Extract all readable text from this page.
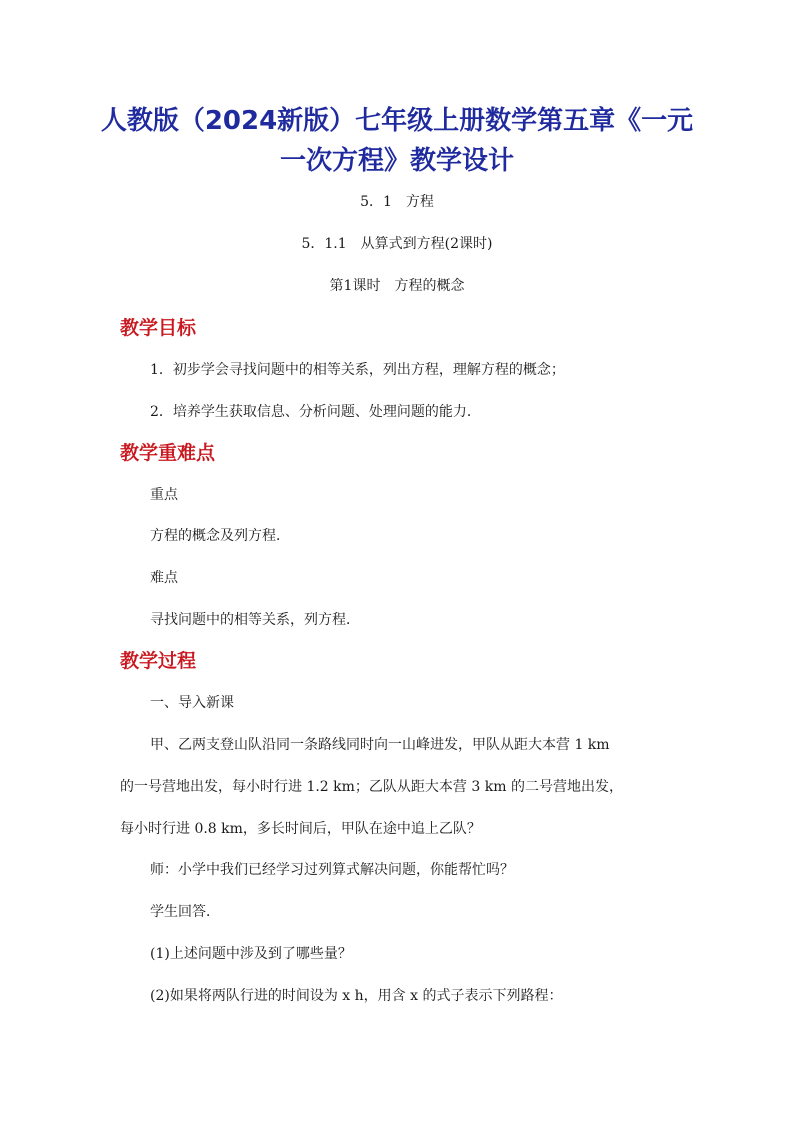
人教版（2024新版）七年级上册数学第五章《一元
一次方程》教学设计
5．1　方程
5．1.1　从算式到方程(2课时)
第1课时　方程的概念
教学目标
1．初步学会寻找问题中的相等关系，列出方程，理解方程的概念；
2．培养学生获取信息、分析问题、处理问题的能力．
教学重难点
重点
方程的概念及列方程．
难点
寻找问题中的相等关系，列方程．
教学过程
一、导入新课
甲、乙两支登山队沿同一条路线同时向一山峰进发，甲队从距大本营 1 km
的一号营地出发，每小时行进 1.2 km；乙队从距大本营 3 km 的二号营地出发，
每小时行进 0.8 km，多长时间后，甲队在途中追上乙队？
师：小学中我们已经学习过列算式解决问题，你能帮忙吗？
学生回答．
(1)上述问题中涉及到了哪些量？
(2)如果将两队行进的时间设为 x h，用含 x 的式子表示下列路程：
